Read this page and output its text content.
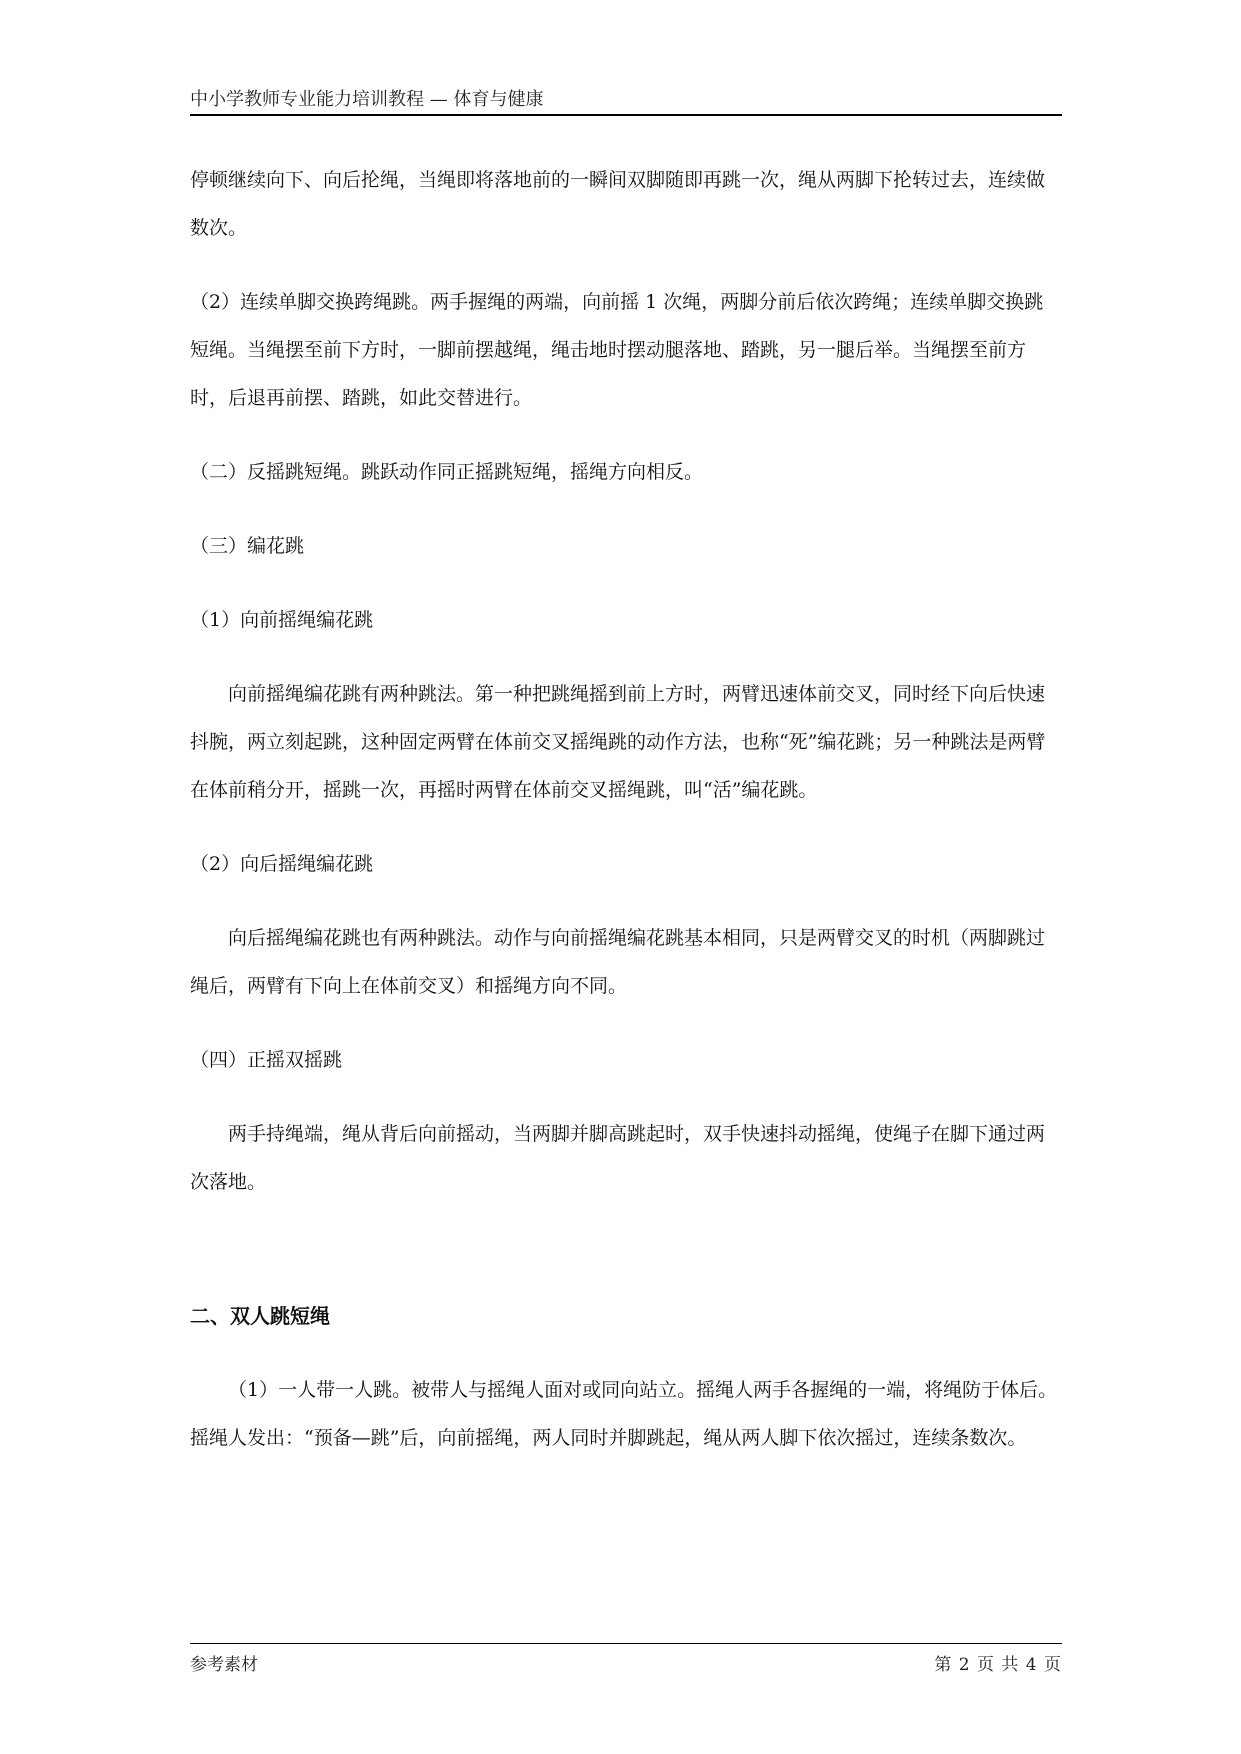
中小学教师专业能力培训教程 — 体育与健康

停顿继续向下、向后抡绳，当绳即将落地前的一瞬间双脚随即再跳一次，绳从两脚下抡转过去，连续做数次。

（2）连续单脚交换跨绳跳。两手握绳的两端，向前摇 1 次绳，两脚分前后依次跨绳；连续单脚交换跳短绳。当绳摆至前下方时，一脚前摆越绳，绳击地时摆动腿落地、踏跳，另一腿后举。当绳摆至前方时，后退再前摆、踏跳，如此交替进行。

（二）反摇跳短绳。跳跃动作同正摇跳短绳，摇绳方向相反。

（三）编花跳

（1）向前摇绳编花跳

向前摇绳编花跳有两种跳法。第一种把跳绳摇到前上方时，两臂迅速体前交叉，同时经下向后快速抖腕，两立刻起跳，这种固定两臂在体前交叉摇绳跳的动作方法，也称“死”编花跳；另一种跳法是两臂在体前稍分开，摇跳一次，再摇时两臂在体前交叉摇绳跳，叫“活”编花跳。

（2）向后摇绳编花跳

向后摇绳编花跳也有两种跳法。动作与向前摇绳编花跳基本相同，只是两臂交叉的时机（两脚跳过绳后，两臂有下向上在体前交叉）和摇绳方向不同。

（四）正摇双摇跳

两手持绳端，绳从背后向前摇动，当两脚并脚高跳起时，双手快速抖动摇绳，使绳子在脚下通过两次落地。

二、双人跳短绳

（1）一人带一人跳。被带人与摇绳人面对或同向站立。摇绳人两手各握绳的一端，将绳防于体后。摇绳人发出：“预备—跳”后，向前摇绳，两人同时并脚跳起，绳从两人脚下依次摇过，连续条数次。

参考素材	第 2 页 共 4 页
